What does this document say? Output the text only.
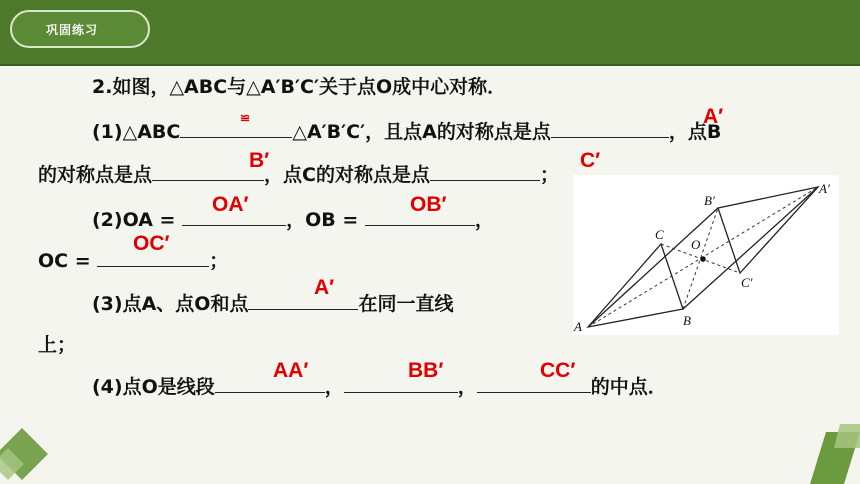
巩固练习
2.如图，△ABC与△A′B′C′关于点O成中心对称．
(1)△ABC	△A′B′C′，且点A的对称点是点	，点B
≌	A′
的对称点是点	，点C的对称点是点	；
B′	C′
(2)OA =	，OB =	，
OA′	OB′
OC =	；
OC′
(3)点A、点O和点	在同一直线
A′
上；
(4)点O是线段	，	，	的中点．
AA′	BB′	CC′
A	B
C
O
A′
B′
C′
